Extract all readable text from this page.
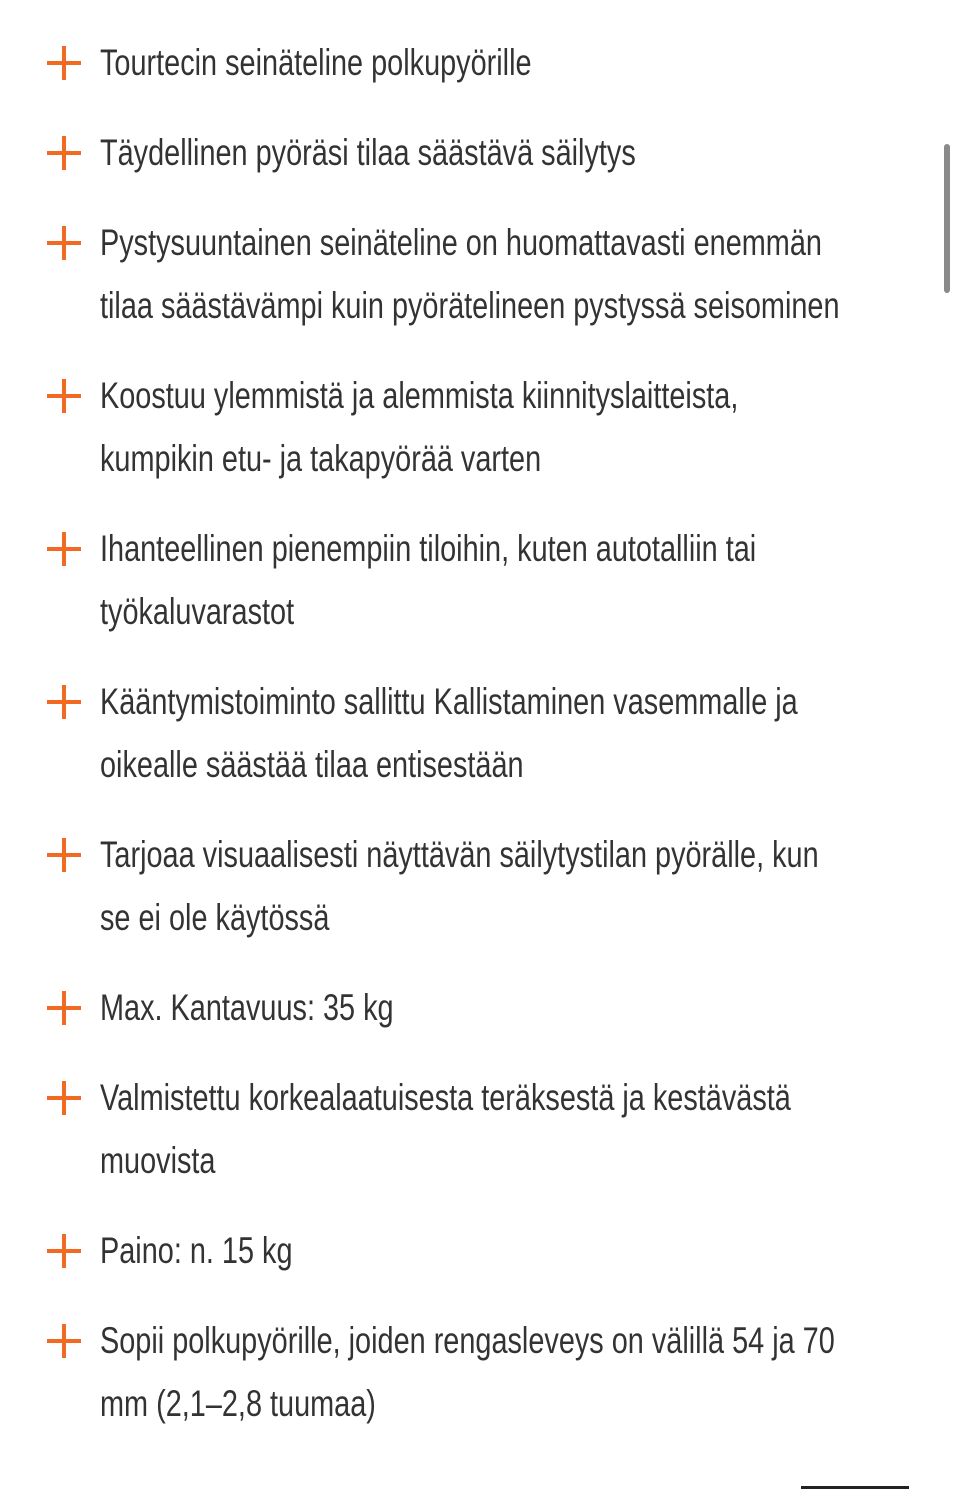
Tourtecin seinäteline polkupyörille
Täydellinen pyöräsi tilaa säästävä säilytys
Pystysuuntainen seinäteline on huomattavasti enemmän
tilaa säästävämpi kuin pyörätelineen pystyssä seisominen
Koostuu ylemmistä ja alemmista kiinnityslaitteista,
kumpikin etu- ja takapyörää varten
Ihanteellinen pienempiin tiloihin, kuten autotalliin tai
työkaluvarastot
Kääntymistoiminto sallittu Kallistaminen vasemmalle ja
oikealle säästää tilaa entisestään
Tarjoaa visuaalisesti näyttävän säilytystilan pyörälle, kun
se ei ole käytössä
Max. Kantavuus: 35 kg
Valmistettu korkealaatuisesta teräksestä ja kestävästä
muovista
Paino: n. 15 kg
Sopii polkupyörille, joiden rengasleveys on välillä 54 ja 70
mm (2,1–2,8 tuumaa)
